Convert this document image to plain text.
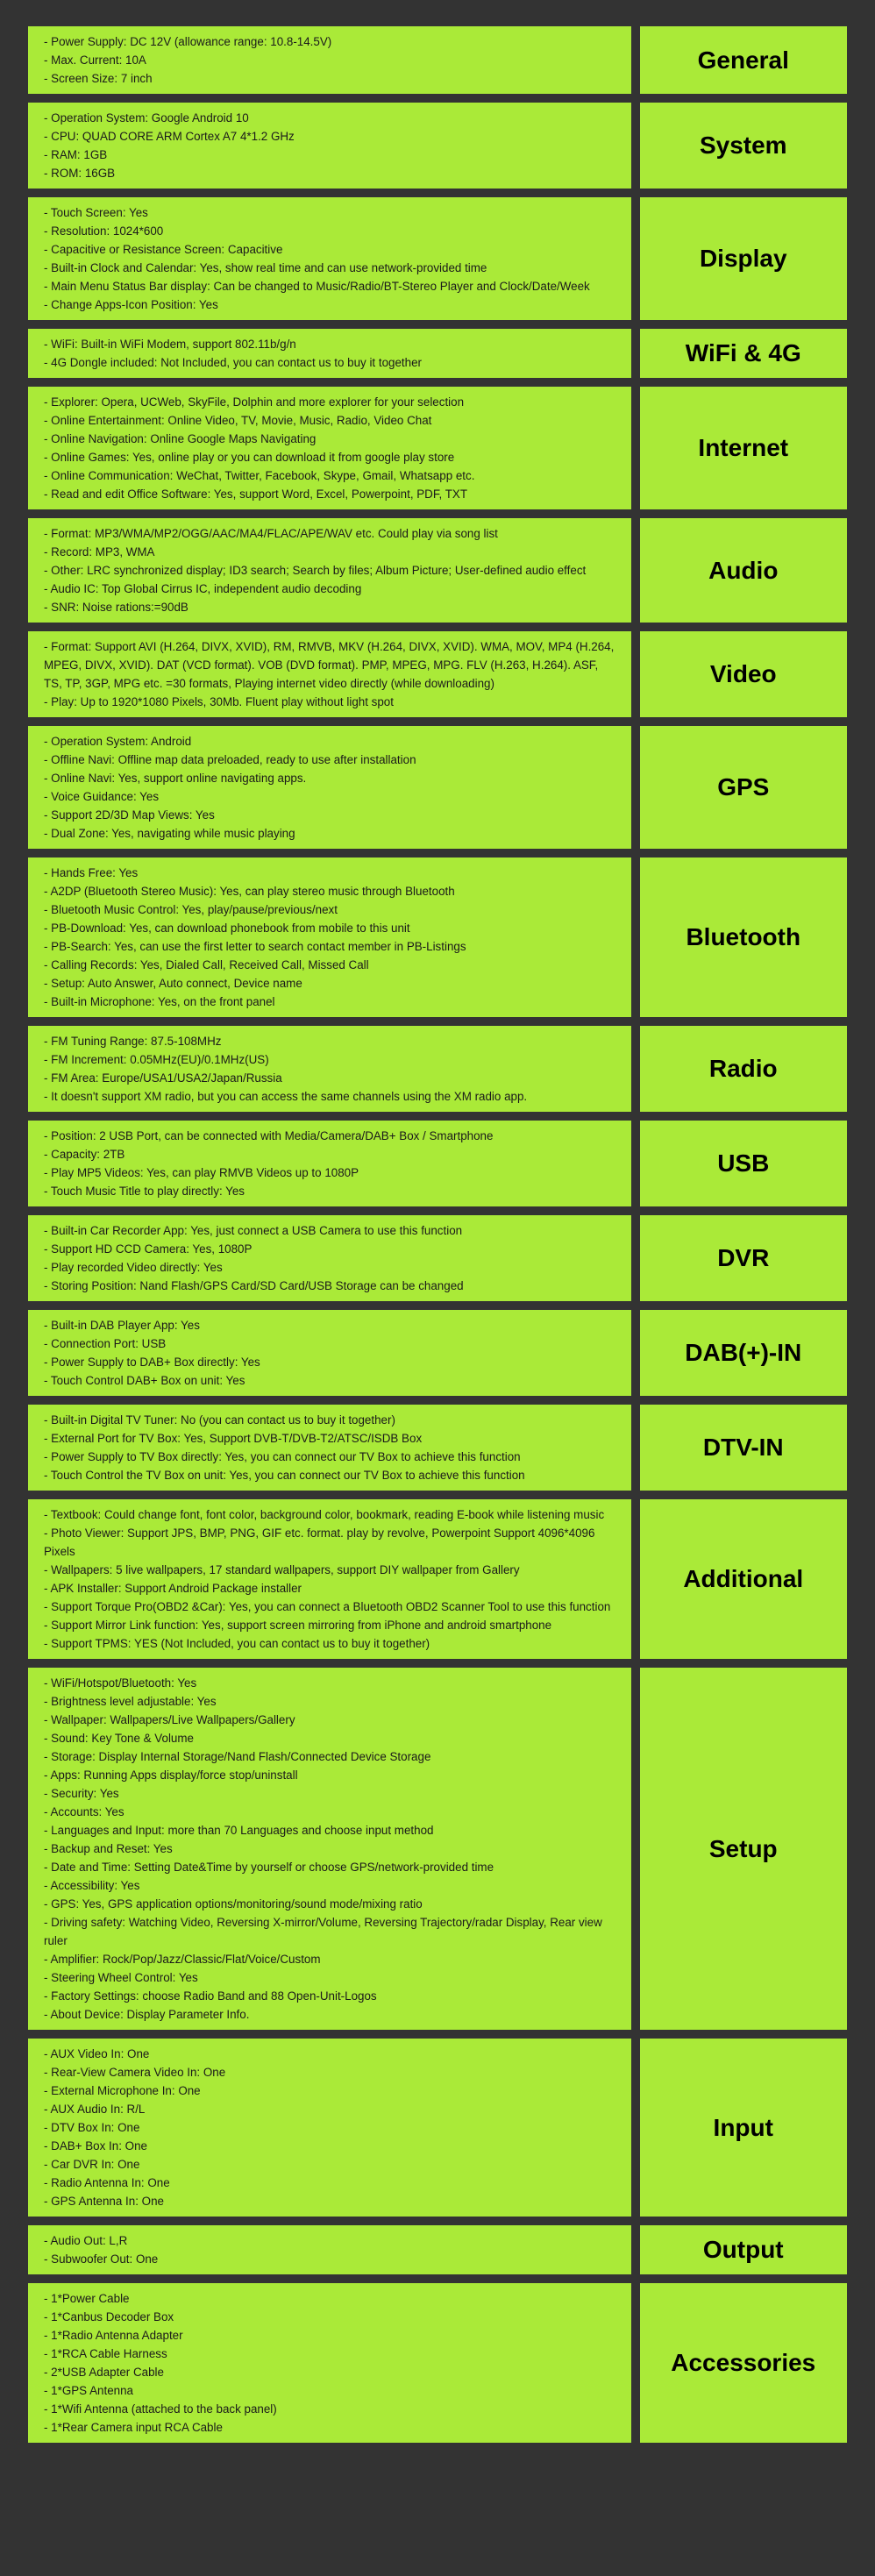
- Power Supply: DC 12V (allowance range: 10.8-14.5V)
- Max. Current: 10A
- Screen Size: 7 inch
General
- Operation System: Google Android 10
- CPU: QUAD CORE ARM Cortex A7 4*1.2 GHz
- RAM: 1GB
- ROM: 16GB
System
- Touch Screen: Yes
- Resolution: 1024*600
- Capacitive or Resistance Screen: Capacitive
- Built-in Clock and Calendar: Yes, show real time and can use network-provided time
- Main Menu Status Bar display: Can be changed to Music/Radio/BT-Stereo Player and Clock/Date/Week
- Change Apps-Icon Position: Yes
Display
- WiFi: Built-in WiFi Modem, support 802.11b/g/n
- 4G Dongle included: Not Included, you can contact us to buy it together	WiFi & 4G
- Explorer: Opera, UCWeb, SkyFile, Dolphin and more explorer for your selection
- Online Entertainment: Online Video, TV, Movie, Music, Radio, Video Chat
- Online Navigation: Online Google Maps Navigating
- Online Games: Yes, online play or you can download it from google play store
- Online Communication: WeChat, Twitter, Facebook, Skype, Gmail, Whatsapp etc.
- Read and edit Office Software: Yes, support Word, Excel, Powerpoint, PDF, TXT
Internet
- Format: MP3/WMA/MP2/OGG/AAC/MA4/FLAC/APE/WAV etc. Could play via song list
- Record: MP3, WMA
- Other: LRC synchronized display; ID3 search; Search by files; Album Picture; User-defined audio effect
- Audio IC: Top Global Cirrus IC, independent audio decoding
- SNR: Noise rations:=90dB
Audio
- Format: Support AVI (H.264, DIVX, XVID), RM, RMVB, MKV (H.264, DIVX, XVID). WMA, MOV, MP4 (H.264, MPEG, DIVX, XVID). DAT (VCD format). VOB (DVD format). PMP, MPEG, MPG. FLV (H.263, H.264). ASF, TS, TP, 3GP, MPG etc. =30 formats, Playing internet video directly (while downloading)
- Play: Up to 1920*1080 Pixels, 30Mb. Fluent play without light spot
Video
- Operation System: Android
- Offline Navi: Offline map data preloaded, ready to use after installation
- Online Navi: Yes, support online navigating apps.
- Voice Guidance: Yes
- Support 2D/3D Map Views: Yes
- Dual Zone: Yes, navigating while music playing
GPS
- Hands Free: Yes
- A2DP (Bluetooth Stereo Music): Yes, can play stereo music through Bluetooth
- Bluetooth Music Control: Yes, play/pause/previous/next
- PB-Download: Yes, can download phonebook from mobile to this unit
- PB-Search: Yes, can use the first letter to search contact member in PB-Listings
- Calling Records: Yes, Dialed Call, Received Call, Missed Call
- Setup: Auto Answer, Auto connect, Device name
- Built-in Microphone: Yes, on the front panel
Bluetooth
- FM Tuning Range: 87.5-108MHz
- FM Increment: 0.05MHz(EU)/0.1MHz(US)
- FM Area: Europe/USA1/USA2/Japan/Russia
- It doesn't support XM radio, but you can access the same channels using the XM radio app.
Radio
- Position: 2 USB Port, can be connected with Media/Camera/DAB+ Box / Smartphone
- Capacity: 2TB
- Play MP5 Videos: Yes, can play RMVB Videos up to 1080P
- Touch Music Title to play directly: Yes
USB
- Built-in Car Recorder App: Yes, just connect a USB Camera to use this function
- Support HD CCD Camera: Yes, 1080P
- Play recorded Video directly: Yes
- Storing Position: Nand Flash/GPS Card/SD Card/USB Storage can be changed
DVR
- Built-in DAB Player App: Yes
- Connection Port: USB
- Power Supply to DAB+ Box directly: Yes
- Touch Control DAB+ Box on unit: Yes
DAB(+)-IN
- Built-in Digital TV Tuner: No (you can contact us to buy it together)
- External Port for TV Box: Yes, Support DVB-T/DVB-T2/ATSC/ISDB Box
- Power Supply to TV Box directly: Yes, you can connect our TV Box to achieve this function
- Touch Control the TV Box on unit: Yes, you can connect our TV Box to achieve this function
DTV-IN
- Textbook: Could change font, font color, background color, bookmark, reading E-book while listening music
- Photo Viewer: Support JPS, BMP, PNG, GIF etc. format. play by revolve, Powerpoint Support 4096*4096 Pixels
- Wallpapers: 5 live wallpapers, 17 standard wallpapers, support DIY wallpaper from Gallery
- APK Installer: Support Android Package installer
- Support Torque Pro(OBD2 &Car): Yes, you can connect a Bluetooth OBD2 Scanner Tool to use this function
- Support Mirror Link function: Yes, support screen mirroring from iPhone and android smartphone
- Support TPMS: YES (Not Included, you can contact us to buy it together)
Additional
- WiFi/Hotspot/Bluetooth: Yes
- Brightness level adjustable: Yes
- Wallpaper: Wallpapers/Live Wallpapers/Gallery
- Sound: Key Tone & Volume
- Storage: Display Internal Storage/Nand Flash/Connected Device Storage
- Apps: Running Apps display/force stop/uninstall
- Security: Yes
- Accounts: Yes
- Languages and Input: more than 70 Languages and choose input method
- Backup and Reset: Yes
- Date and Time: Setting Date&Time by yourself or choose GPS/network-provided time
- Accessibility: Yes
- GPS: Yes, GPS application options/monitoring/sound mode/mixing ratio
- Driving safety: Watching Video, Reversing X-mirror/Volume, Reversing Trajectory/radar Display, Rear view ruler
- Amplifier: Rock/Pop/Jazz/Classic/Flat/Voice/Custom
- Steering Wheel Control: Yes
- Factory Settings: choose Radio Band and 88 Open-Unit-Logos
- About Device: Display Parameter Info.
Setup
- AUX Video In: One
- Rear-View Camera Video In: One
- External Microphone In: One
- AUX Audio In: R/L
- DTV Box In: One
- DAB+ Box In: One
- Car DVR In: One
- Radio Antenna In: One
- GPS Antenna In: One
Input
- Audio Out: L,R
- Subwoofer Out: One	Output
- 1*Power Cable
- 1*Canbus Decoder Box
- 1*Radio Antenna Adapter
- 1*RCA Cable Harness
- 2*USB Adapter Cable
- 1*GPS Antenna
- 1*Wifi Antenna (attached to the back panel)
- 1*Rear Camera input RCA Cable
Accessories
